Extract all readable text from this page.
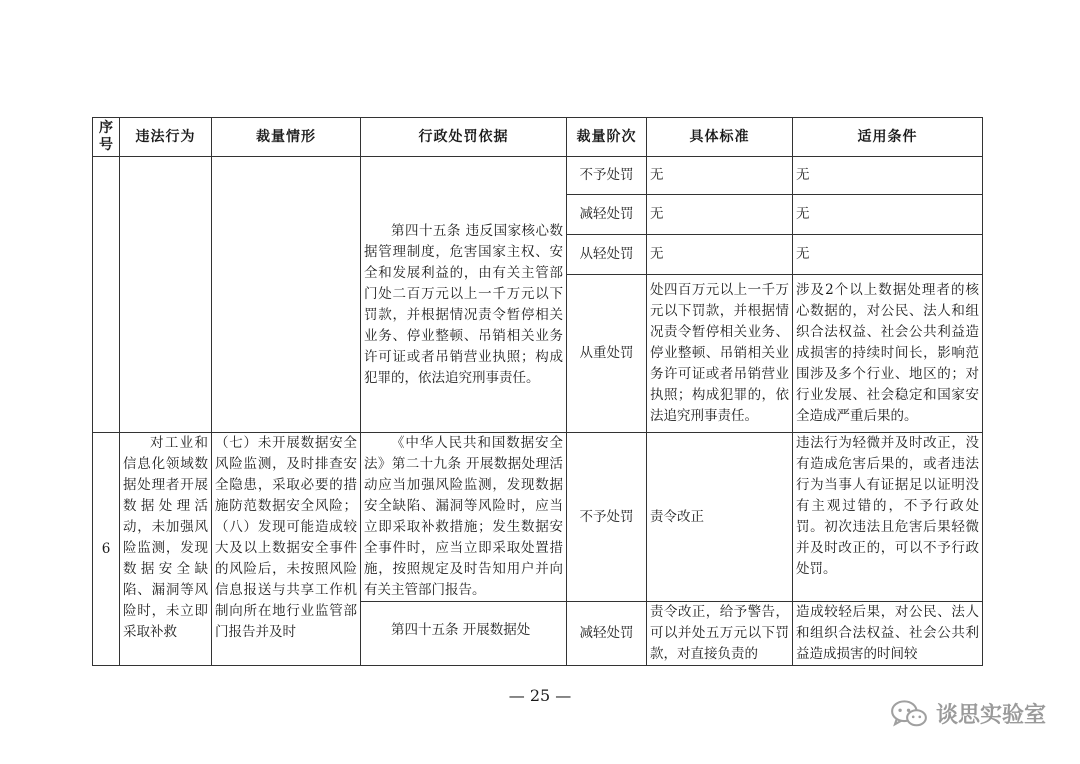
序号	违法行为	裁量情形	行政处罚依据	裁量阶次	具体标准	适用条件
			第四十五条 违反国家核心数据管理制度，危害国家主权、安全和发展利益的，由有关主管部门处二百万元以上一千万元以下罚款，并根据情况责令暂停相关业务、停业整顿、吊销相关业务许可证或者吊销营业执照；构成犯罪的，依法追究刑事责任。	不予处罚	无	无
				减轻处罚	无	无
				从轻处罚	无	无
				从重处罚	处四百万元以上一千万元以下罚款，并根据情况责令暂停相关业务、停业整顿、吊销相关业务许可证或者吊销营业执照；构成犯罪的，依法追究刑事责任。	涉及2个以上数据处理者的核心数据的，对公民、法人和组织合法权益、社会公共利益造成损害的持续时间长，影响范围涉及多个行业、地区的；对行业发展、社会稳定和国家安全造成严重后果的。
6	对工业和信息化领域数据处理者开展数据处理活动，未加强风险监测，发现数据安全缺陷、漏洞等风险时，未立即采取补救	（七）未开展数据安全风险监测，及时排查安全隐患，采取必要的措施防范数据安全风险；（八）发现可能造成较大及以上数据安全事件的风险后，未按照风险信息报送与共享工作机制向所在地行业监管部门报告并及时	《中华人民共和国数据安全法》第二十九条 开展数据处理活动应当加强风险监测，发现数据安全缺陷、漏洞等风险时，应当立即采取补救措施；发生数据安全事件时，应当立即采取处置措施，按照规定及时告知用户并向有关主管部门报告。	不予处罚	责令改正	违法行为轻微并及时改正，没有造成危害后果的，或者违法行为当事人有证据足以证明没有主观过错的，不予行政处罚。初次违法且危害后果轻微并及时改正的，可以不予行政处罚。
			第四十五条 开展数据处	减轻处罚	责令改正，给予警告，可以并处五万元以下罚款，对直接负责的	造成较轻后果，对公民、法人和组织合法权益、社会公共利益造成损害的时间较
— 25 —
谈思实验室
